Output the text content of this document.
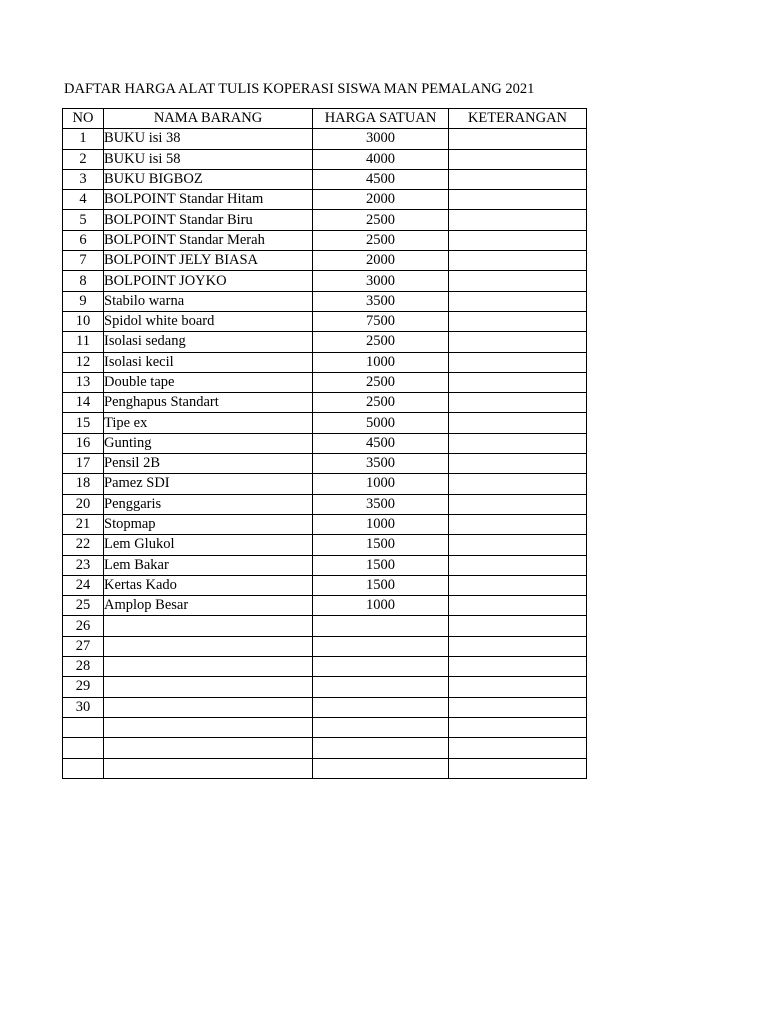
DAFTAR HARGA ALAT TULIS KOPERASI SISWA MAN PEMALANG 2021
NO	NAMA BARANG	HARGA SATUAN	KETERANGAN
1	BUKU isi 38	3000	
2	BUKU isi 58	4000	
3	BUKU BIGBOZ	4500	
4	BOLPOINT Standar Hitam	2000	
5	BOLPOINT Standar Biru	2500	
6	BOLPOINT Standar Merah	2500	
7	BOLPOINT JELY BIASA	2000	
8	BOLPOINT JOYKO	3000	
9	Stabilo warna	3500	
10	Spidol white board	7500	
11	Isolasi sedang	2500	
12	Isolasi kecil	1000	
13	Double tape	2500	
14	Penghapus Standart	2500	
15	Tipe ex	5000	
16	Gunting	4500	
17	Pensil 2B	3500	
18	Pamez SDI	1000	
20	Penggaris	3500	
21	Stopmap	1000	
22	Lem Glukol	1500	
23	Lem Bakar	1500	
24	Kertas Kado	1500	
25	Amplop Besar	1000	
26			
27			
28			
29			
30			
